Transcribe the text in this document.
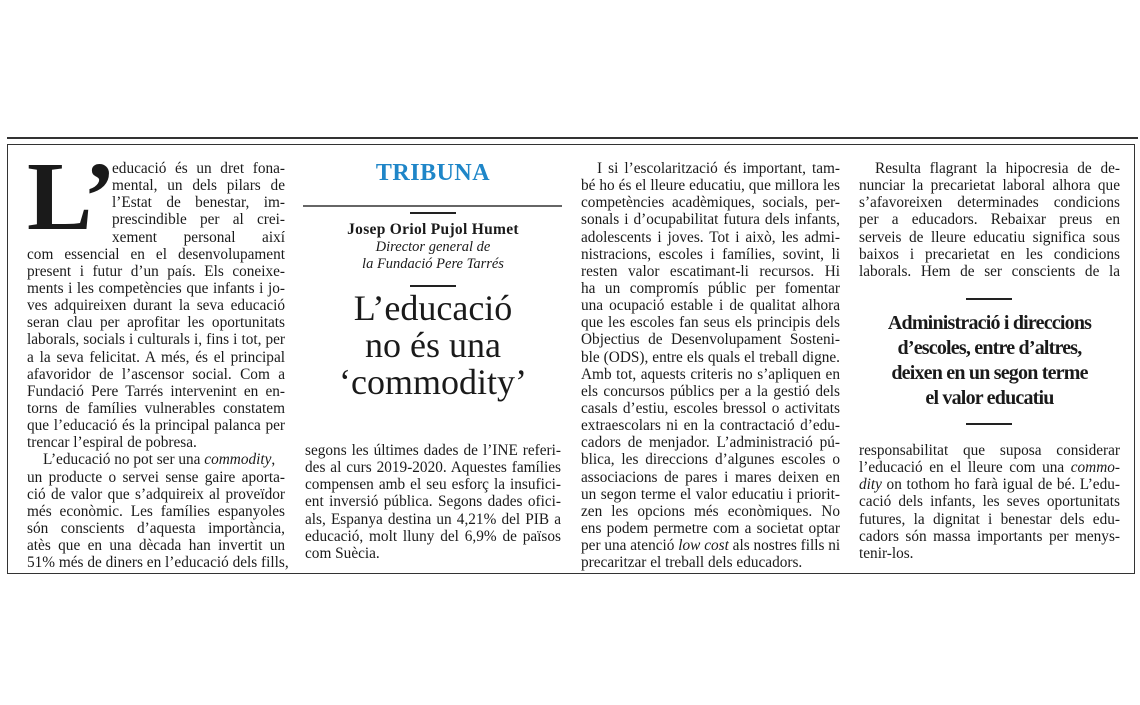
L’
educació és un dret fona-
mental, un dels pilars de
l’Estat de benestar, im-
prescindible per al crei-
xement personal així
com essencial en el desenvolupament
present i futur d’un país. Els coneixe-
ments i les competències que infants i jo-
ves adquireixen durant la seva educació
seran clau per aprofitar les oportunitats
laborals, socials i culturals i, fins i tot, per
a la seva felicitat. A més, és el principal
afavoridor de l’ascensor social. Com a
Fundació Pere Tarrés intervenint en en-
torns de famílies vulnerables constatem
que l’educació és la principal palanca per
trencar l’espiral de pobresa.
L’educació no pot ser una commodity,
un producte o servei sense gaire aporta-
ció de valor que s’adquireix al proveïdor
més econòmic. Les famílies espanyoles
són conscients d’aquesta importància,
atès que en una dècada han invertit un
51% més de diners en l’educació dels fills,
TRIBUNA
Josep Oriol Pujol Humet
Director general de
la Fundació Pere Tarrés
L’educació
no és una
‘commodity’
segons les últimes dades de l’INE referi-
des al curs 2019-2020. Aquestes famílies
compensen amb el seu esforç la insufici-
ent inversió pública. Segons dades ofici-
als, Espanya destina un 4,21% del PIB a
educació, molt lluny del 6,9% de països
com Suècia.
I si l’escolarització és important, tam-
bé ho és el lleure educatiu, que millora les
competències acadèmiques, socials, per-
sonals i d’ocupabilitat futura dels infants,
adolescents i joves. Tot i això, les admi-
nistracions, escoles i famílies, sovint, li
resten valor escatimant-li recursos. Hi
ha un compromís públic per fomentar
una ocupació estable i de qualitat alhora
que les escoles fan seus els principis dels
Objectius de Desenvolupament Sosteni-
ble (ODS), entre els quals el treball digne.
Amb tot, aquests criteris no s’apliquen en
els concursos públics per a la gestió dels
casals d’estiu, escoles bressol o activitats
extraescolars ni en la contractació d’edu-
cadors de menjador. L’administració pú-
blica, les direccions d’algunes escoles o
associacions de pares i mares deixen en
un segon terme el valor educatiu i priorit-
zen les opcions més econòmiques. No
ens podem permetre com a societat optar
per una atenció low cost als nostres fills ni
precaritzar el treball dels educadors.
Resulta flagrant la hipocresia de de-
nunciar la precarietat laboral alhora que
s’afavoreixen determinades condicions
per a educadors. Rebaixar preus en
serveis de lleure educatiu significa sous
baixos i precarietat en les condicions
laborals. Hem de ser conscients de la
Administració i direccions
d’escoles, entre d’altres,
deixen en un segon terme
el valor educatiu
responsabilitat que suposa considerar
l’educació en el lleure com una commo-
dity on tothom ho farà igual de bé. L’edu-
cació dels infants, les seves oportunitats
futures, la dignitat i benestar dels edu-
cadors són massa importants per menys-
tenir-los.
